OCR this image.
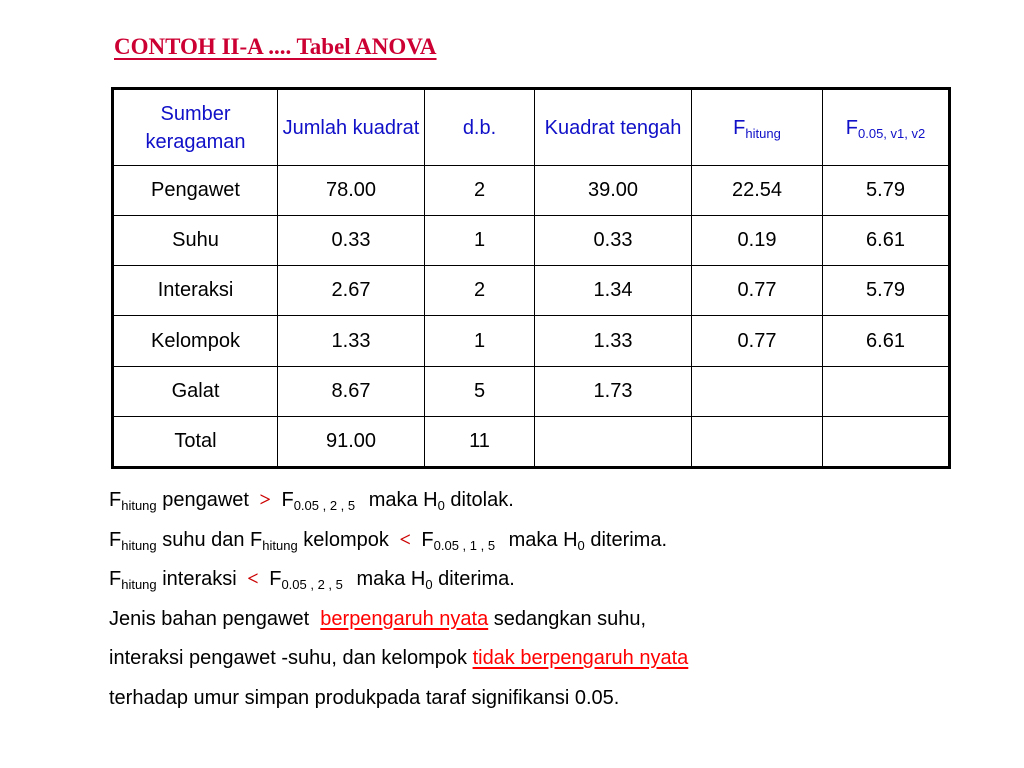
CONTOH II-A .... Tabel ANOVA
Sumber keragaman	Jumlah kuadrat	d.b.	Kuadrat tengah	$F_{hitung}$	$F_{0.05, v1, v2}$
Pengawet	78.00	2	39.00	22.54	5.79
Suhu	0.33	1	0.33	0.19	6.61
Interaksi	2.67	2	1.34	0.77	5.79
Kelompok	1.33	1	1.33	0.77	6.61
Galat	8.67	5	1.73		
Total	91.00	11			
$F_{hitung}$ pengawet > $F_{0.05 , 2 , 5}$ maka $H_0$ ditolak.
$F_{hitung}$ suhu dan $F_{hitung}$ kelompok < $F_{0.05 , 1 , 5}$ maka $H_0$ diterima.
$F_{hitung}$ interaksi < $F_{0.05 , 2 , 5}$ maka $H_0$ diterima.
Jenis bahan pengawet berpengaruh nyata sedangkan suhu,
interaksi pengawet -suhu, dan kelompok tidak berpengaruh nyata
terhadap umur simpan produkpada taraf signifikansi 0.05.
